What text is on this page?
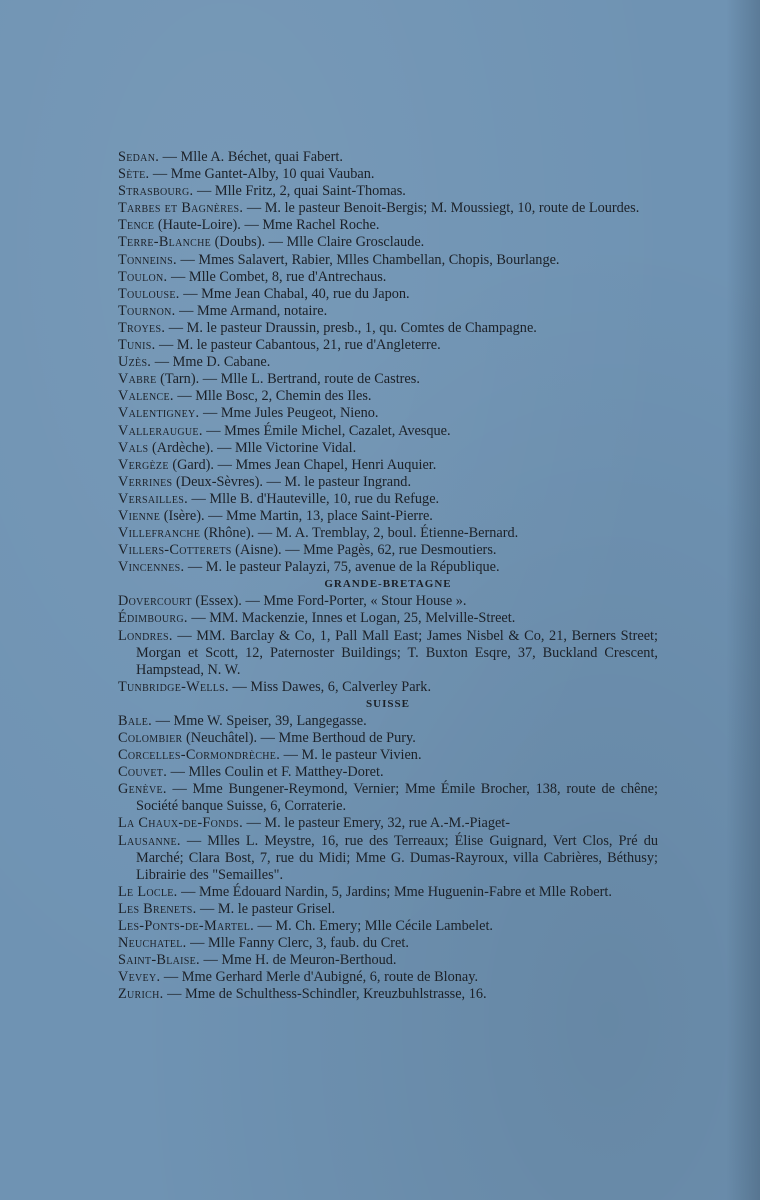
Sedan. — Mlle A. Béchet, quai Fabert.
Sète. — Mme Gantet-Alby, 10 quai Vauban.
Strasbourg. — Mlle Fritz, 2, quai Saint-Thomas.
Tarbes et Bagnères. — M. le pasteur Benoit-Bergis; M. Moussiegt, 10, route de Lourdes.
Tence (Haute-Loire). — Mme Rachel Roche.
Terre-Blanche (Doubs). — Mlle Claire Grosclaude.
Tonneins. — Mmes Salavert, Rabier, Mlles Chambellan, Chopis, Bourlange.
Toulon. — Mlle Combet, 8, rue d'Antrechaus.
Toulouse. — Mme Jean Chabal, 40, rue du Japon.
Tournon. — Mme Armand, notaire.
Troyes. — M. le pasteur Draussin, presb., 1, qu. Comtes de Champagne.
Tunis. — M. le pasteur Cabantous, 21, rue d'Angleterre.
Uzès. — Mme D. Cabane.
Vabre (Tarn). — Mlle L. Bertrand, route de Castres.
Valence. — Mlle Bosc, 2, Chemin des Iles.
Valentigney. — Mme Jules Peugeot, Nieno.
Valleraugue. — Mmes Émile Michel, Cazalet, Avesque.
Vals (Ardèche). — Mlle Victorine Vidal.
Vergèze (Gard). — Mmes Jean Chapel, Henri Auquier.
Verrines (Deux-Sèvres). — M. le pasteur Ingrand.
Versailles. — Mlle B. d'Hauteville, 10, rue du Refuge.
Vienne (Isère). — Mme Martin, 13, place Saint-Pierre.
Villefranche (Rhône). — M. A. Tremblay, 2, boul. Étienne-Bernard.
Villers-Cotterets (Aisne). — Mme Pagès, 62, rue Desmoutiers.
Vincennes. — M. le pasteur Palayzi, 75, avenue de la République.
GRANDE-BRETAGNE
Dovercourt (Essex). — Mme Ford-Porter, « Stour House ».
Édimbourg. — MM. Mackenzie, Innes et Logan, 25, Melville-Street.
Londres. — MM. Barclay & Co, 1, Pall Mall East; James Nisbel & Co, 21, Berners Street; Morgan et Scott, 12, Paternoster Buildings; T. Buxton Esqre, 37, Buckland Crescent, Hampstead, N. W.
Tunbridge-Wells. — Miss Dawes, 6, Calverley Park.
SUISSE
Bale. — Mme W. Speiser, 39, Langegasse.
Colombier (Neuchâtel). — Mme Berthoud de Pury.
Corcelles-Cormondrèche. — M. le pasteur Vivien.
Couvet. — Mlles Coulin et F. Matthey-Doret.
Genève. — Mme Bungener-Reymond, Vernier; Mme Émile Brocher, 138, route de chêne; Société banque Suisse, 6, Corraterie.
La Chaux-de-Fonds. — M. le pasteur Emery, 32, rue A.-M.-Piaget-
Lausanne. — Mlles L. Meystre, 16, rue des Terreaux; Élise Guignard, Vert Clos, Pré du Marché; Clara Bost, 7, rue du Midi; Mme G. Dumas-Rayroux, villa Cabrières, Béthusy; Librairie des "Semailles".
Le Locle. — Mme Édouard Nardin, 5, Jardins; Mme Huguenin-Fabre et Mlle Robert.
Les Brenets. — M. le pasteur Grisel.
Les-Ponts-de-Martel. — M. Ch. Emery; Mlle Cécile Lambelet.
Neuchatel. — Mlle Fanny Clerc, 3, faub. du Cret.
Saint-Blaise. — Mme H. de Meuron-Berthoud.
Vevey. — Mme Gerhard Merle d'Aubigné, 6, route de Blonay.
Zurich. — Mme de Schulthess-Schindler, Kreuzbuhlstrasse, 16.
